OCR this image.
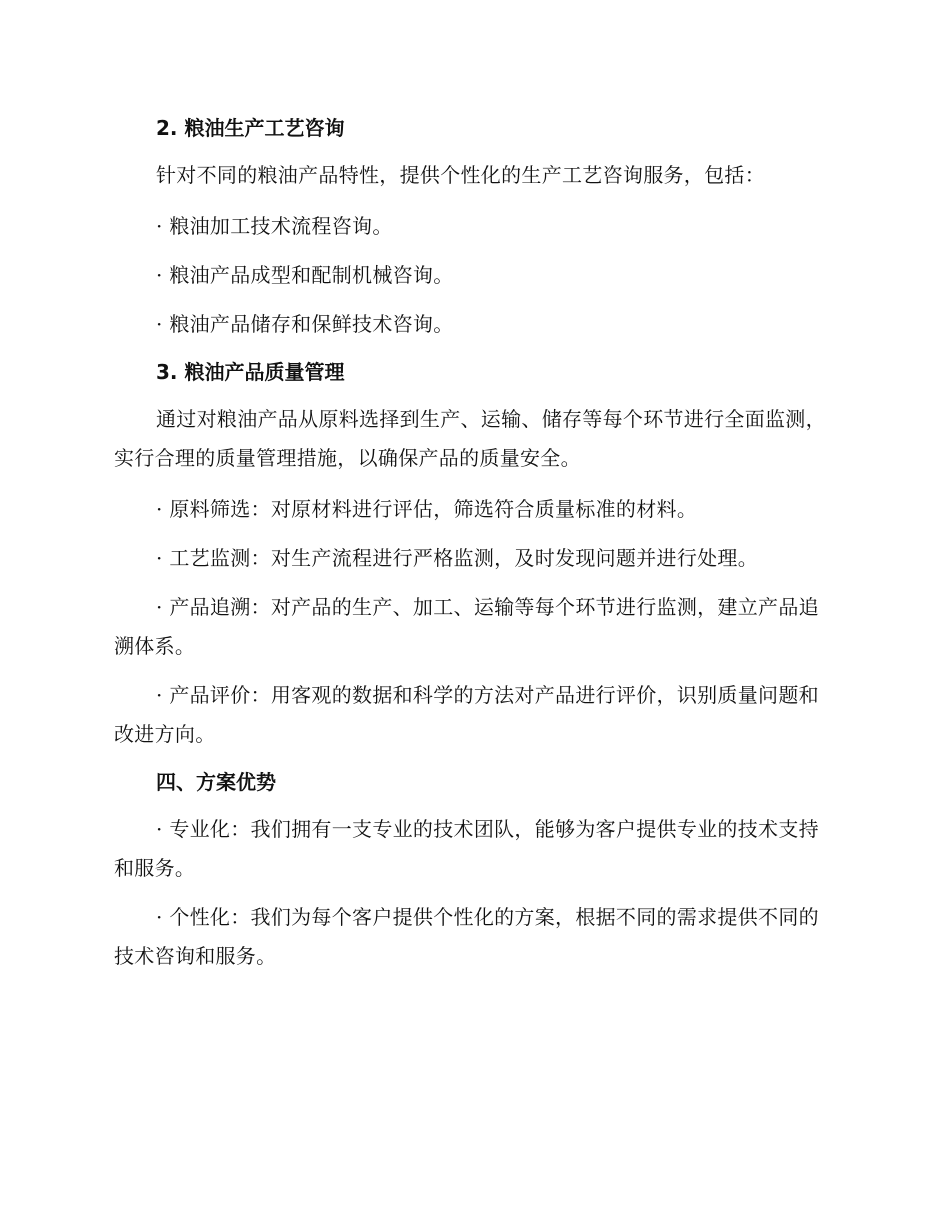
2. 粮油生产工艺咨询

针对不同的粮油产品特性，提供个性化的生产工艺咨询服务，包括：

· 粮油加工技术流程咨询。

· 粮油产品成型和配制机械咨询。

· 粮油产品储存和保鲜技术咨询。

3. 粮油产品质量管理

通过对粮油产品从原料选择到生产、运输、储存等每个环节进行全面监测，实行合理的质量管理措施，以确保产品的质量安全。

· 原料筛选：对原材料进行评估，筛选符合质量标准的材料。

· 工艺监测：对生产流程进行严格监测，及时发现问题并进行处理。

· 产品追溯：对产品的生产、加工、运输等每个环节进行监测，建立产品追溯体系。

· 产品评价：用客观的数据和科学的方法对产品进行评价，识别质量问题和改进方向。

四、方案优势

· 专业化：我们拥有一支专业的技术团队，能够为客户提供专业的技术支持和服务。

· 个性化：我们为每个客户提供个性化的方案，根据不同的需求提供不同的技术咨询和服务。
